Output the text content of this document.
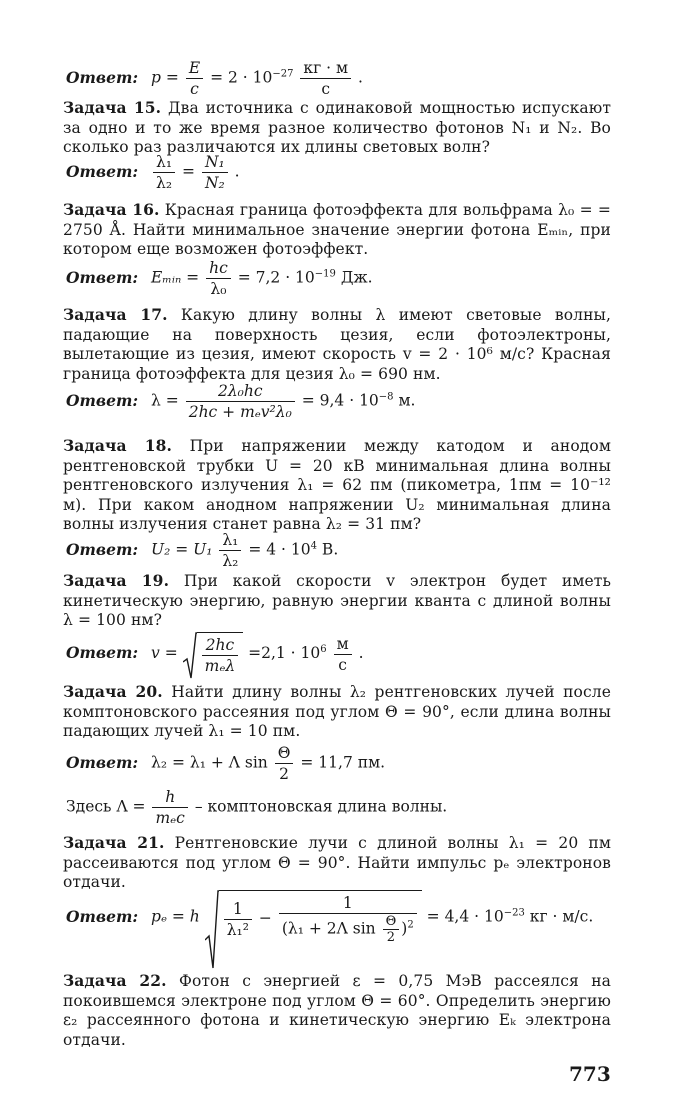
Ответ: $p = \frac{E}{c} = 2 \cdot 10^{-27} \frac{кг \cdot м}{с}$ .
Задача 15. Два источника с одинаковой мощностью испускают за одно и то же время разное количество фотонов N₁ и N₂. Во сколько раз различаются их длины световых волн?
Ответ: $\frac{\text{λ₁}}{\text{λ₂}} = \frac{\text{N₁}}{\text{N₂}}$ .
Задача 16. Красная граница фотоэффекта для вольфрама λ₀ = = 2750 Å. Найти минимальное значение энергии фотона Eₘᵢₙ, при котором еще возможен фотоэффект.
Ответ: Eₘᵢₙ = $\frac{hc}{\text{λ₀}} = 7,2 \cdot 10^{-19}$ Дж.
Задача 17. Какую длину волны λ имеют световые волны, падающие на поверхность цезия, если фотоэлектроны, вылетающие из цезия, имеют скорость v = 2 · 10⁶ м/с? Красная граница фотоэффекта для цезия λ₀ = 690 нм.
Ответ: $\lambda = \frac{\text{2λ₀hc}}{\text{2hc + mₑv²λ₀}} = 9,4 \cdot 10^{-8}$ м.
Задача 18. При напряжении между катодом и анодом рентгеновской трубки U = 20 кВ минимальная длина волны рентгеновского излучения λ₁ = 62 пм (пикометра, 1пм = 10⁻¹² м). При каком анодном напряжении U₂ минимальная длина волны излучения станет равна λ₂ = 31 пм?
Ответ: $U_2 = U_1 \frac{\text{λ₁}}{\text{λ₂}} = 4 \cdot 10^4$ В.
Задача 19. При какой скорости v электрон будет иметь кинетическую энергию, равную энергии кванта с длиной волны λ = 100 нм?
Ответ: $v = \frac{2hc}{\text{mₑλ}} =2,1 \cdot 10^6 \frac{м}{с}$ .
Задача 20. Найти длину волны λ₂ рентгеновских лучей после комптоновского рассеяния под углом Θ = 90°, если длина волны падающих лучей λ₁ = 10 пм.
Ответ: λ₂ = λ₁ + Λ $\sin \frac{\Theta}{2} = 11,7$ пм.
Здесь $\Lambda = \frac{h}{\text{mₑc}}$ – комптоновская длина волны.
Задача 21. Рентгеновские лучи с длиной волны λ₁ = 20 пм рассеиваются под углом Θ = 90°. Найти импульс pₑ электронов отдачи.
Ответ: pₑ = h $\frac{1}{\text{λ₁²}}$ −
1
(λ₁ + 2Λ $\sin \frac{\Theta}{2} )^2 = 4,4 \cdot 10^{-23}$ кг · м/с.
Задача 22. Фотон с энергией ε = 0,75 МэВ рассеялся на покоившемся электроне под углом Θ = 60°. Определить энергию ε₂ рассеянного фотона и кинетическую энергию Eₖ электрона отдачи.
773
